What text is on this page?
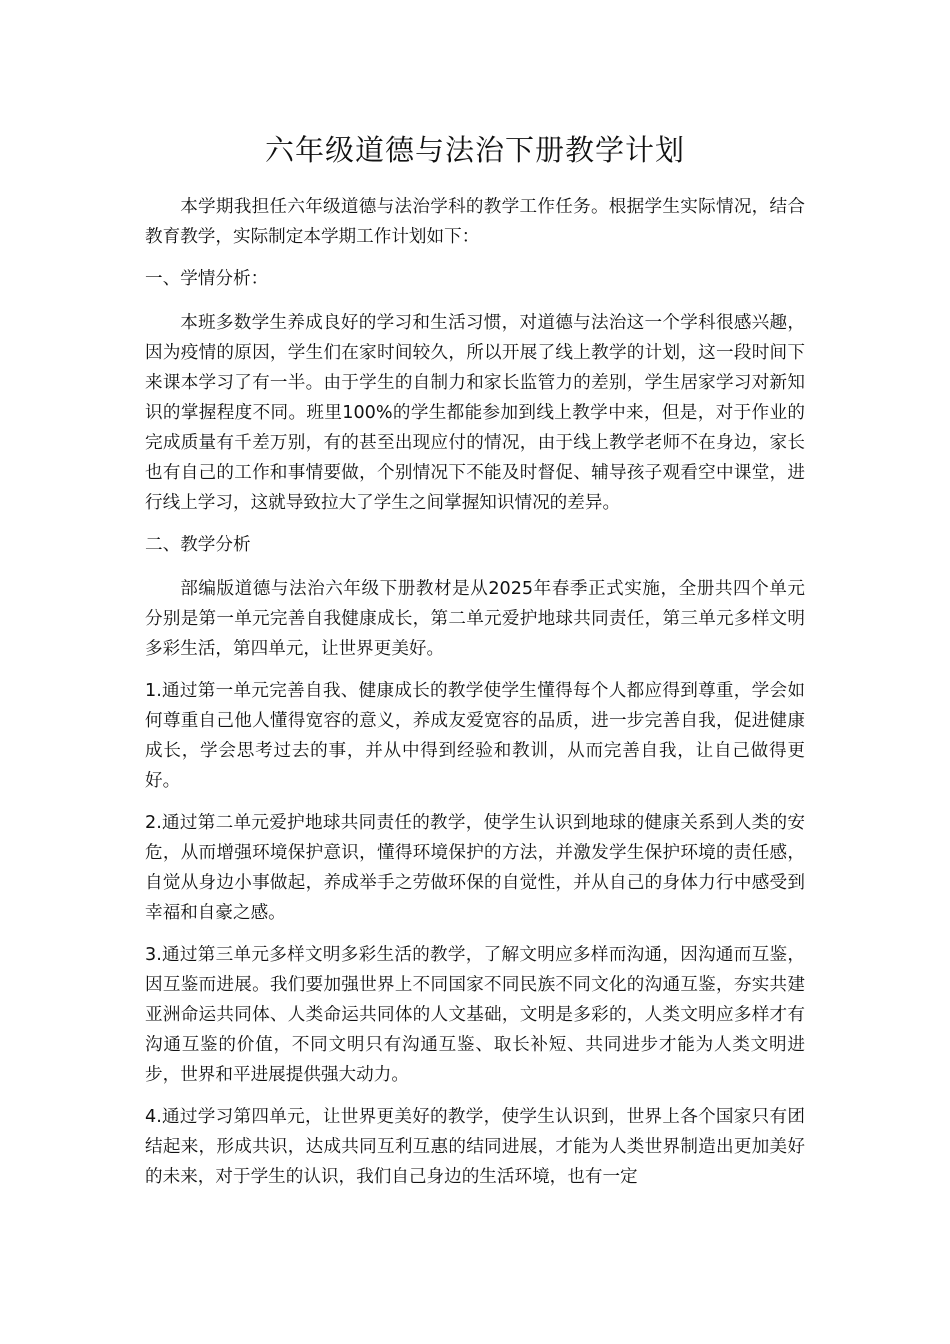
六年级道德与法治下册教学计划

本学期我担任六年级道德与法治学科的教学工作任务。根据学生实际情况，结合教育教学，实际制定本学期工作计划如下：

一、学情分析：

本班多数学生养成良好的学习和生活习惯，对道德与法治这一个学科很感兴趣，因为疫情的原因，学生们在家时间较久，所以开展了线上教学的计划，这一段时间下来课本学习了有一半。由于学生的自制力和家长监管力的差别，学生居家学习对新知识的掌握程度不同。班里100%的学生都能参加到线上教学中来，但是，对于作业的完成质量有千差万别，有的甚至出现应付的情况，由于线上教学老师不在身边，家长也有自己的工作和事情要做，个别情况下不能及时督促、辅导孩子观看空中课堂，进行线上学习，这就导致拉大了学生之间掌握知识情况的差异。

二、教学分析

部编版道德与法治六年级下册教材是从2025年春季正式实施，全册共四个单元分别是第一单元完善自我健康成长，第二单元爱护地球共同责任，第三单元多样文明多彩生活，第四单元，让世界更美好。

1.通过第一单元完善自我、健康成长的教学使学生懂得每个人都应得到尊重，学会如何尊重自己他人懂得宽容的意义，养成友爱宽容的品质，进一步完善自我，促进健康成长，学会思考过去的事，并从中得到经验和教训，从而完善自我，让自己做得更好。

2.通过第二单元爱护地球共同责任的教学，使学生认识到地球的健康关系到人类的安危，从而增强环境保护意识，懂得环境保护的方法，并激发学生保护环境的责任感，自觉从身边小事做起，养成举手之劳做环保的自觉性，并从自己的身体力行中感受到幸福和自豪之感。

3.通过第三单元多样文明多彩生活的教学，了解文明应多样而沟通，因沟通而互鉴，因互鉴而进展。我们要加强世界上不同国家不同民族不同文化的沟通互鉴，夯实共建亚洲命运共同体、人类命运共同体的人文基础，文明是多彩的，人类文明应多样才有沟通互鉴的价值，不同文明只有沟通互鉴、取长补短、共同进步才能为人类文明进步，世界和平进展提供强大动力。

4.通过学习第四单元，让世界更美好的教学，使学生认识到，世界上各个国家只有团结起来，形成共识，达成共同互利互惠的结同进展，才能为人类世界制造出更加美好的未来，对于学生的认识，我们自己身边的生活环境，也有一定
